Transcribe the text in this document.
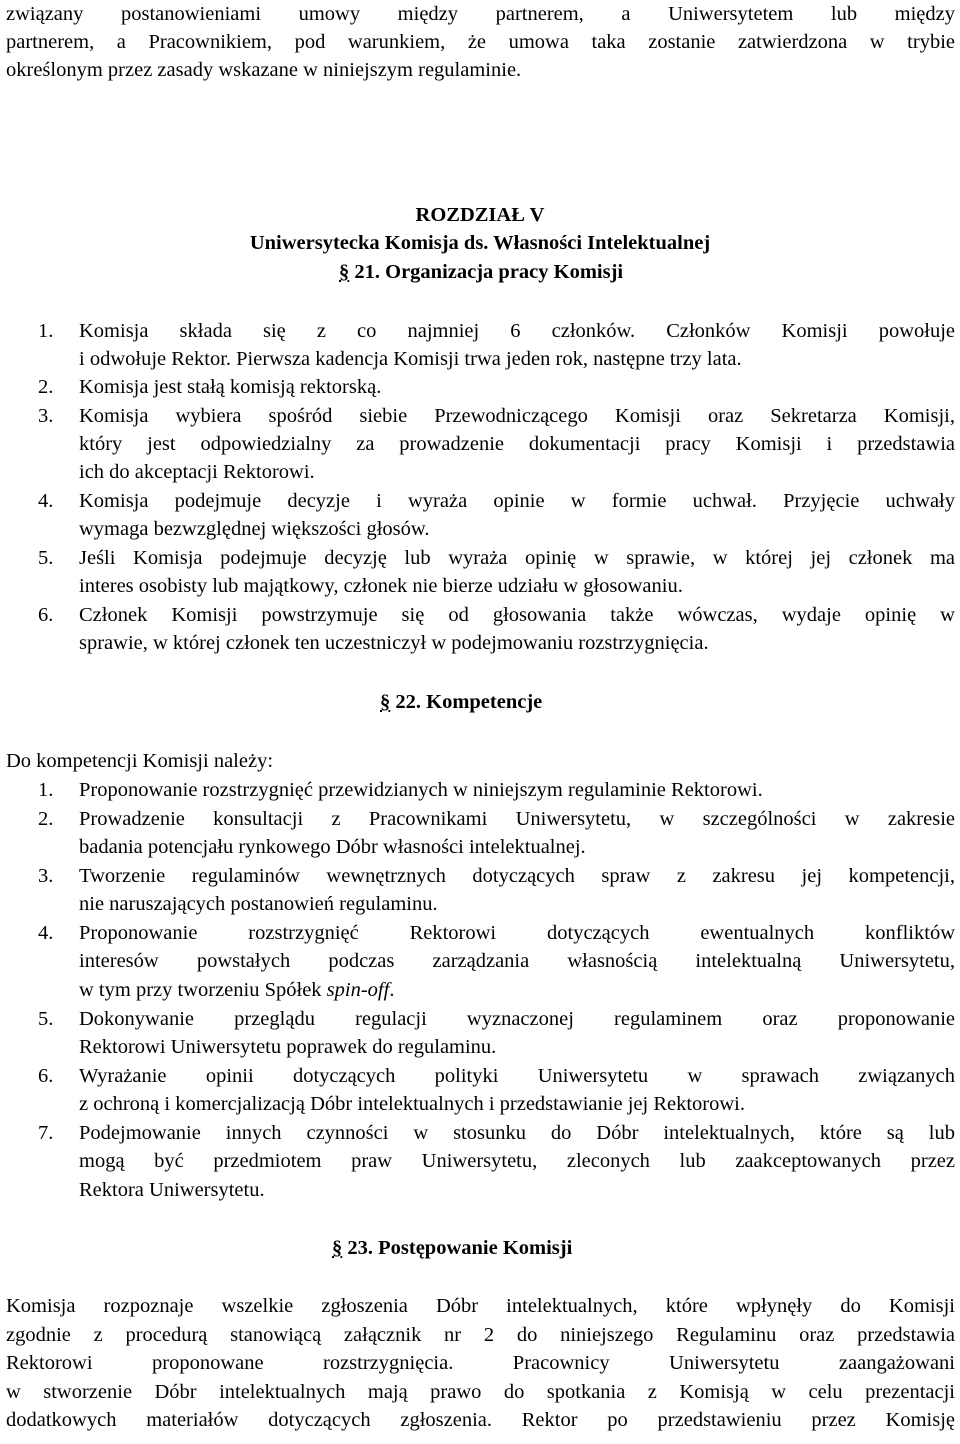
związany postanowieniami umowy między partnerem, a Uniwersytetem lub między
partnerem, a Pracownikiem, pod warunkiem, że umowa taka zostanie zatwierdzona w trybie
określonym przez zasady wskazane w niniejszym regulaminie.
ROZDZIAŁ V
Uniwersytecka Komisja ds. Własności Intelektualnej
§ 21. Organizacja pracy Komisji
1. Komisja składa się z co najmniej 6 członków. Członków Komisji powołuje
i odwołuje Rektor. Pierwsza kadencja Komisji trwa jeden rok, następne trzy lata.
2. Komisja jest stałą komisją rektorską.
3. Komisja wybiera spośród siebie Przewodniczącego Komisji oraz Sekretarza Komisji,
który jest odpowiedzialny za prowadzenie dokumentacji pracy Komisji i przedstawia
ich do akceptacji Rektorowi.
4. Komisja podejmuje decyzje i wyraża opinie w formie uchwał. Przyjęcie uchwały
wymaga bezwzględnej większości głosów.
5. Jeśli Komisja podejmuje decyzję lub wyraża opinię w sprawie, w której jej członek ma
interes osobisty lub majątkowy, członek nie bierze udziału w głosowaniu.
6. Członek Komisji powstrzymuje się od głosowania także wówczas, wydaje opinię w
sprawie, w której członek ten uczestniczył w podejmowaniu rozstrzygnięcia.
§ 22. Kompetencje
Do kompetencji Komisji należy:
1. Proponowanie rozstrzygnięć przewidzianych w niniejszym regulaminie Rektorowi.
2. Prowadzenie konsultacji z Pracownikami Uniwersytetu, w szczególności w zakresie
badania potencjału rynkowego Dóbr własności intelektualnej.
3. Tworzenie regulaminów wewnętrznych dotyczących spraw z zakresu jej kompetencji,
nie naruszających postanowień regulaminu.
4. Proponowanie rozstrzygnięć Rektorowi dotyczących ewentualnych konfliktów
interesów powstałych podczas zarządzania własnością intelektualną Uniwersytetu,
w tym przy tworzeniu Spółek spin-off.
5. Dokonywanie przeglądu regulacji wyznaczonej regulaminem oraz proponowanie
Rektorowi Uniwersytetu poprawek do regulaminu.
6. Wyrażanie opinii dotyczących polityki Uniwersytetu w sprawach związanych
z ochroną i komercjalizacją Dóbr intelektualnych i przedstawianie jej Rektorowi.
7. Podejmowanie innych czynności w stosunku do Dóbr intelektualnych, które są lub
mogą być przedmiotem praw Uniwersytetu, zleconych lub zaakceptowanych przez
Rektora Uniwersytetu.
§ 23. Postępowanie Komisji
Komisja rozpoznaje wszelkie zgłoszenia Dóbr intelektualnych, które wpłynęły do Komisji
zgodnie z procedurą stanowiącą załącznik nr 2 do niniejszego Regulaminu oraz przedstawia
Rektorowi proponowane rozstrzygnięcia. Pracownicy Uniwersytetu zaangażowani
w stworzenie Dóbr intelektualnych mają prawo do spotkania z Komisją w celu prezentacji
dodatkowych materiałów dotyczących zgłoszenia. Rektor po przedstawieniu przez Komisję
